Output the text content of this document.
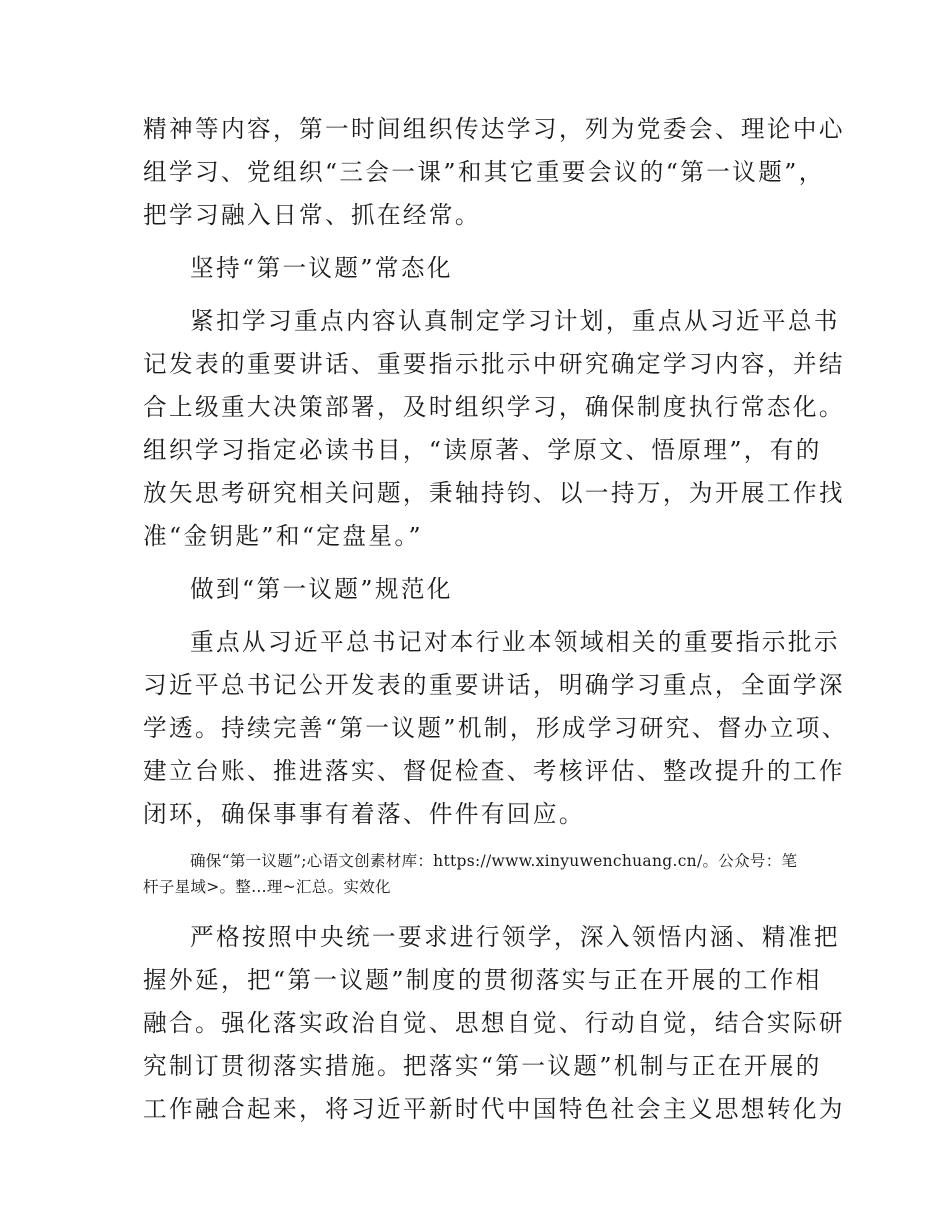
精神等内容，第一时间组织传达学习，列为党委会、理论中心
组学习、党组织“三会一课”和其它重要会议的“第一议题”，
把学习融入日常、抓在经常。
坚持“第一议题”常态化
紧扣学习重点内容认真制定学习计划，重点从习近平总书
记发表的重要讲话、重要指示批示中研究确定学习内容，并结
合上级重大决策部署，及时组织学习，确保制度执行常态化。
组织学习指定必读书目，“读原著、学原文、悟原理”，有的
放矢思考研究相关问题，秉轴持钧、以一持万，为开展工作找
准“金钥匙”和“定盘星。”
做到“第一议题”规范化
重点从习近平总书记对本行业本领域相关的重要指示批示
习近平总书记公开发表的重要讲话，明确学习重点，全面学深
学透。持续完善“第一议题”机制，形成学习研究、督办立项、
建立台账、推进落实、督促检查、考核评估、整改提升的工作
闭环，确保事事有着落、件件有回应。
确保“第一议题”;心语文创素材库：https://www.xinyuwenchuang.cn/。公众号：笔
杆子星域>。整…理~汇总。实效化
严格按照中央统一要求进行领学，深入领悟内涵、精准把
握外延，把“第一议题”制度的贯彻落实与正在开展的工作相
融合。强化落实政治自觉、思想自觉、行动自觉，结合实际研
究制订贯彻落实措施。把落实“第一议题”机制与正在开展的
工作融合起来，将习近平新时代中国特色社会主义思想转化为
